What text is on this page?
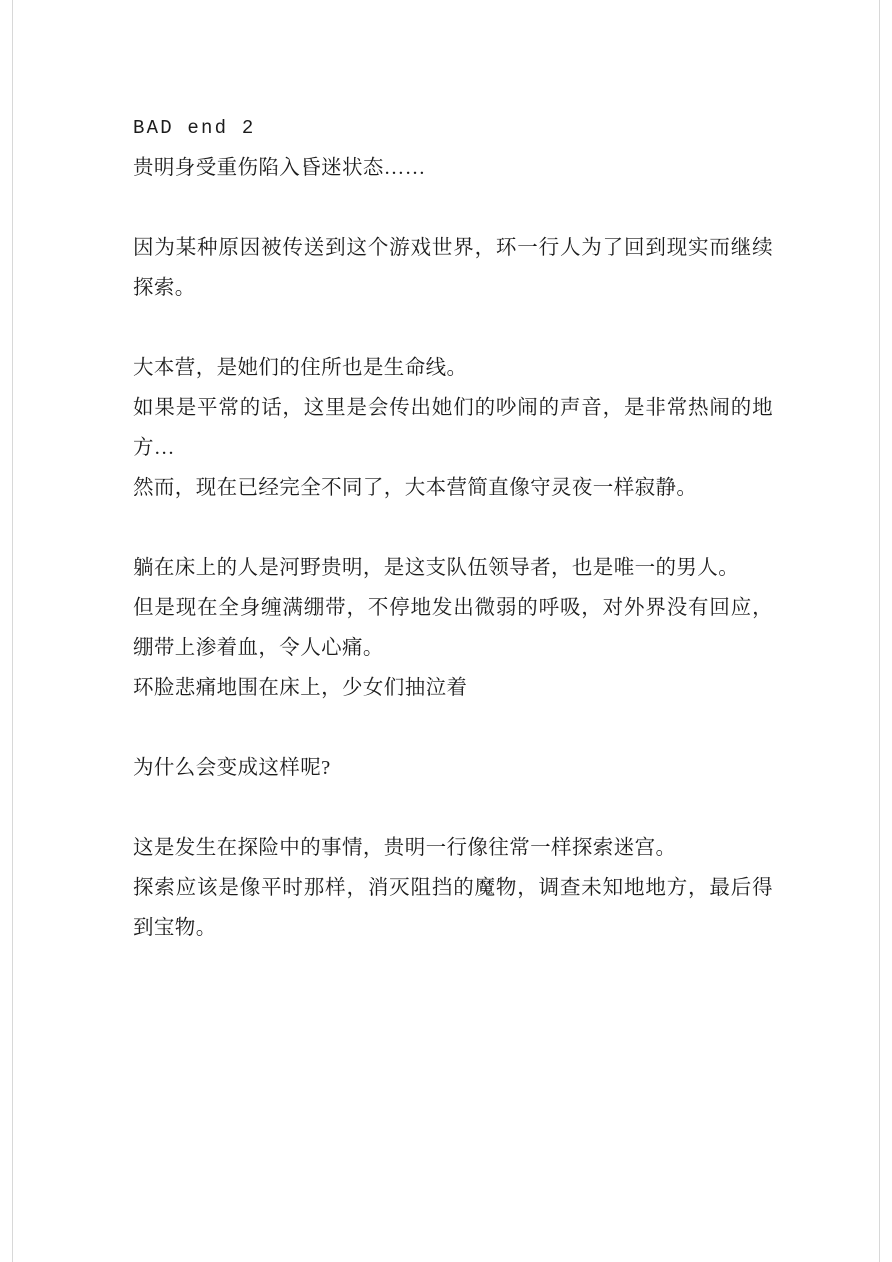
BAD end 2
贵明身受重伤陷入昏迷状态……
因为某种原因被传送到这个游戏世界，环一行人为了回到现实而继续探索。
大本营，是她们的住所也是生命线。
如果是平常的话，这里是会传出她们的吵闹的声音，是非常热闹的地方…
然而，现在已经完全不同了，大本营简直像守灵夜一样寂静。
躺在床上的人是河野贵明，是这支队伍领导者，也是唯一的男人。
但是现在全身缠满绷带，不停地发出微弱的呼吸，对外界没有回应，绷带上渗着血，令人心痛。
环脸悲痛地围在床上，少女们抽泣着
为什么会变成这样呢?
这是发生在探险中的事情，贵明一行像往常一样探索迷宫。
探索应该是像平时那样，消灭阻挡的魔物，调查未知地地方，最后得到宝物。
